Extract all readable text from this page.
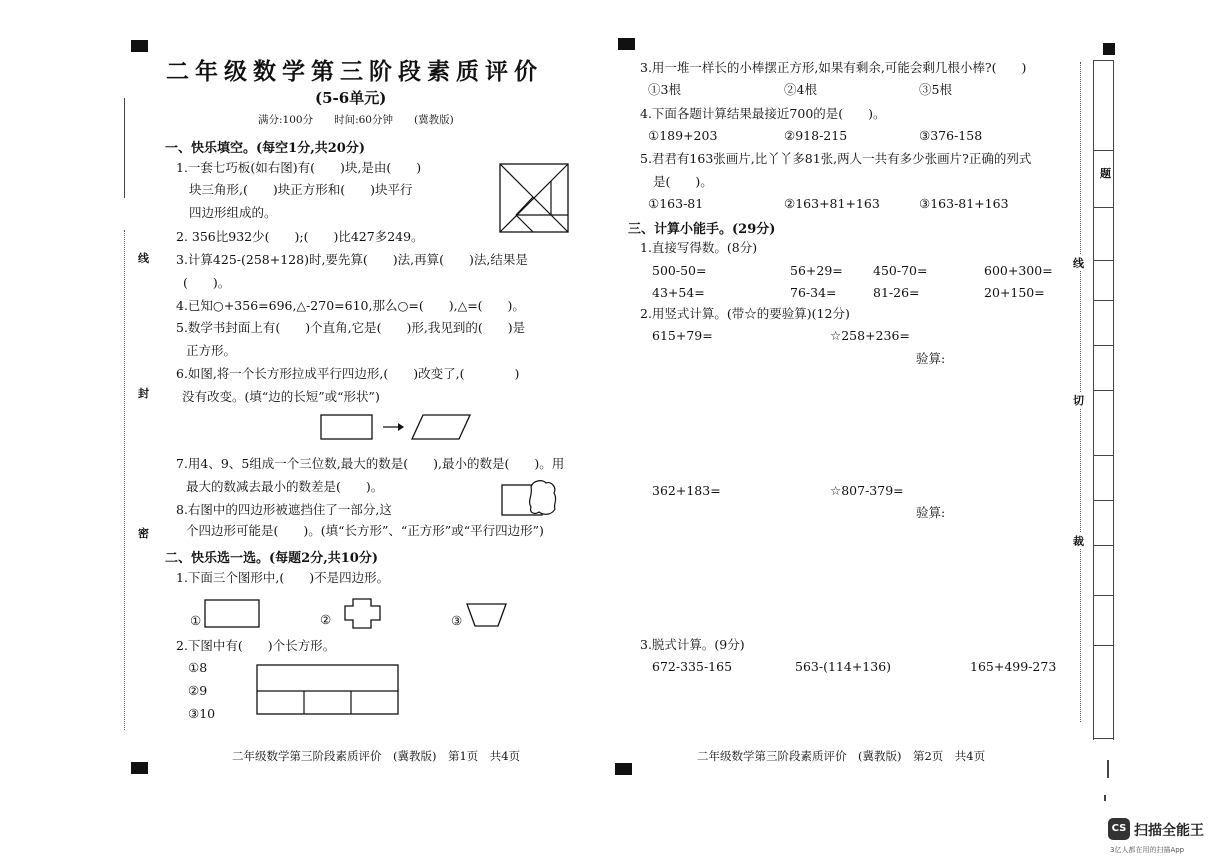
线
封
密
二年级数学第三阶段素质评价
(5-6单元)
满分:100分　　时间:60分钟　　(冀教版)
一、快乐填空。(每空1分,共20分)
1.一套七巧板(如右图)有(　　)块,是由(　　)
块三角形,(　　)块正方形和(　　)块平行
四边形组成的。
2. 356比932少(　　);(　　)比427多249。
3.计算425-(258+128)时,要先算(　　)法,再算(　　)法,结果是
(　　)。
4.已知○+356=696,△-270=610,那么○=(　　),△=(　　)。
5.数学书封面上有(　　)个直角,它是(　　)形,我见到的(　　)是
正方形。
6.如图,将一个长方形拉成平行四边形,(　　)改变了,(　　　　)
没有改变。(填“边的长短”或“形状”)
7.用4、9、5组成一个三位数,最大的数是(　　),最小的数是(　　)。用
最大的数减去最小的数差是(　　)。
8.右图中的四边形被遮挡住了一部分,这
个四边形可能是(　　)。(填“长方形”、“正方形”或“平行四边形”)
二、快乐选一选。(每题2分,共10分)
1.下面三个图形中,(　　)不是四边形。
①	②	③
2.下图中有(　　)个长方形。
①8
②9
③10
二年级数学第三阶段素质评价　(冀教版)　第1页　共4页
3.用一堆一样长的小棒摆正方形,如果有剩余,可能会剩几根小棒?(　　)
①3根	②4根	③5根
4.下面各题计算结果最接近700的是(　　)。
①189+203	②918-215	③376-158
5.君君有163张画片,比丫丫多81张,两人一共有多少张画片?正确的列式
是(　　)。
①163-81	②163+81+163	③163-81+163
三、计算小能手。(29分)
1.直接写得数。(8分)
500-50=	56+29= 450-70=	600+300=
43+54=	76-34=	81-26=	20+150=
2.用竖式计算。(带☆的要验算)(12分)
615+79=	☆258+236=
验算:
362+183=	☆807-379=
验算:
3.脱式计算。(9分)
672-335-165	563-(114+136)	165+499-273
二年级数学第三阶段素质评价　(冀教版)　第2页　共4页
题
线
切
裁
CS 扫描全能王
3亿人都在用的扫描App
